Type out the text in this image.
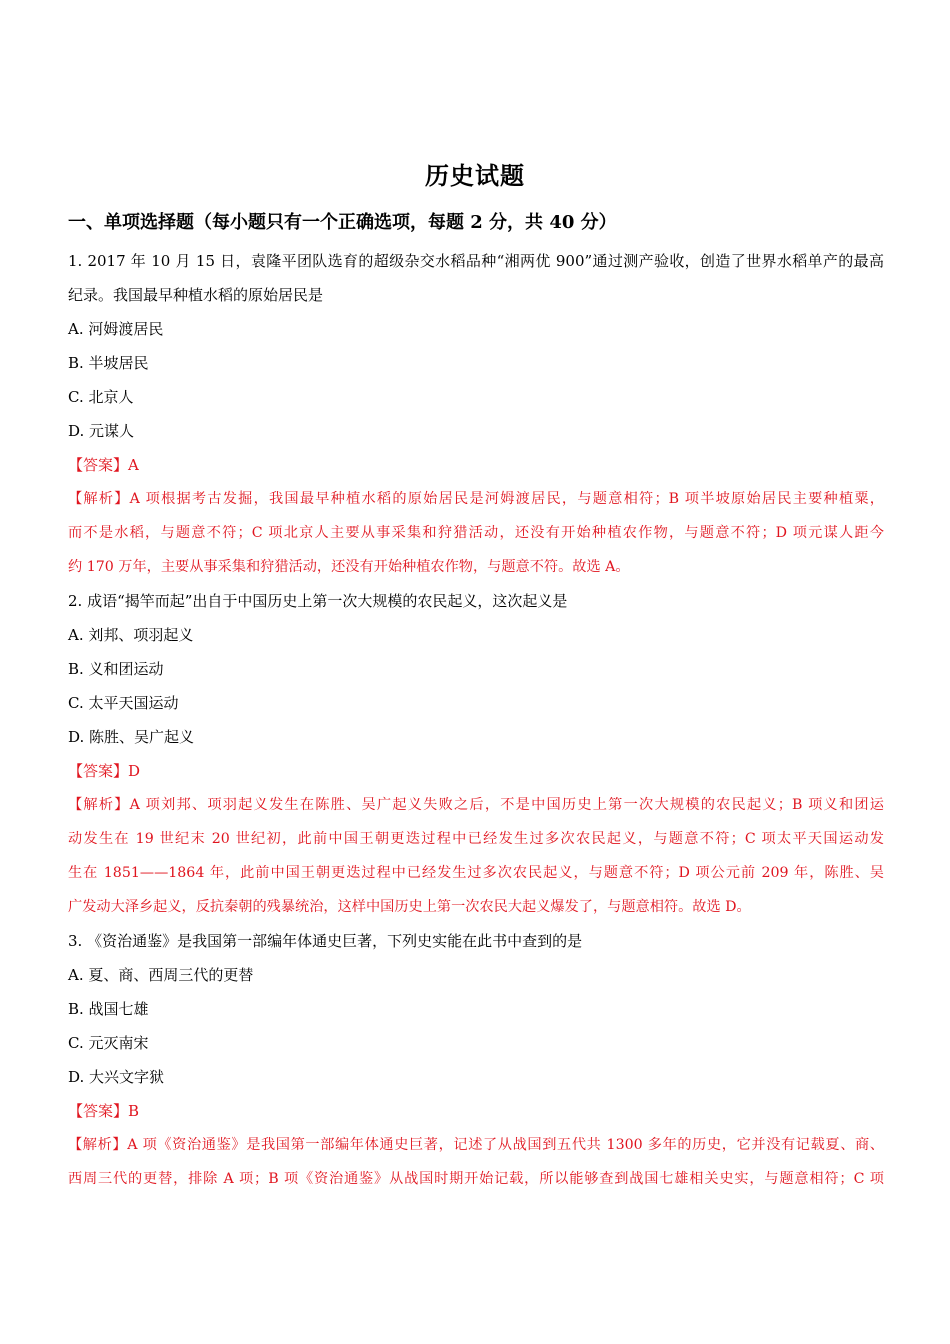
历史试题
一、单项选择题（每小题只有一个正确选项，每题 2 分，共 40 分）
1. 2017 年 10 月 15 日，袁隆平团队选育的超级杂交水稻品种“湘两优 900”通过测产验收，创造了世界水稻单产的最高
纪录。我国最早种植水稻的原始居民是
A. 河姆渡居民
B. 半坡居民
C. 北京人
D. 元谋人
【答案】A
【解析】A 项根据考古发掘，我国最早种植水稻的原始居民是河姆渡居民，与题意相符；B 项半坡原始居民主要种植粟，
而不是水稻，与题意不符；C 项北京人主要从事采集和狩猎活动，还没有开始种植农作物，与题意不符；D 项元谋人距今
约 170 万年，主要从事采集和狩猎活动，还没有开始种植农作物，与题意不符。故选 A。
2. 成语“揭竿而起”出自于中国历史上第一次大规模的农民起义，这次起义是
A. 刘邦、项羽起义
B. 义和团运动
C. 太平天国运动
D. 陈胜、吴广起义
【答案】D
【解析】A 项刘邦、项羽起义发生在陈胜、吴广起义失败之后，不是中国历史上第一次大规模的农民起义；B 项义和团运
动发生在 19 世纪末 20 世纪初，此前中国王朝更迭过程中已经发生过多次农民起义，与题意不符；C 项太平天国运动发
生在 1851——1864 年，此前中国王朝更迭过程中已经发生过多次农民起义，与题意不符；D 项公元前 209 年，陈胜、吴
广发动大泽乡起义，反抗秦朝的残暴统治，这样中国历史上第一次农民大起义爆发了，与题意相符。故选 D。
3. 《资治通鉴》是我国第一部编年体通史巨著，下列史实能在此书中查到的是
A. 夏、商、西周三代的更替
B. 战国七雄
C. 元灭南宋
D. 大兴文字狱
【答案】B
【解析】A 项《资治通鉴》是我国第一部编年体通史巨著，记述了从战国到五代共 1300 多年的历史，它并没有记载夏、商、
西周三代的更替，排除 A 项；B 项《资治通鉴》从战国时期开始记载，所以能够查到战国七雄相关史实，与题意相符；C 项
